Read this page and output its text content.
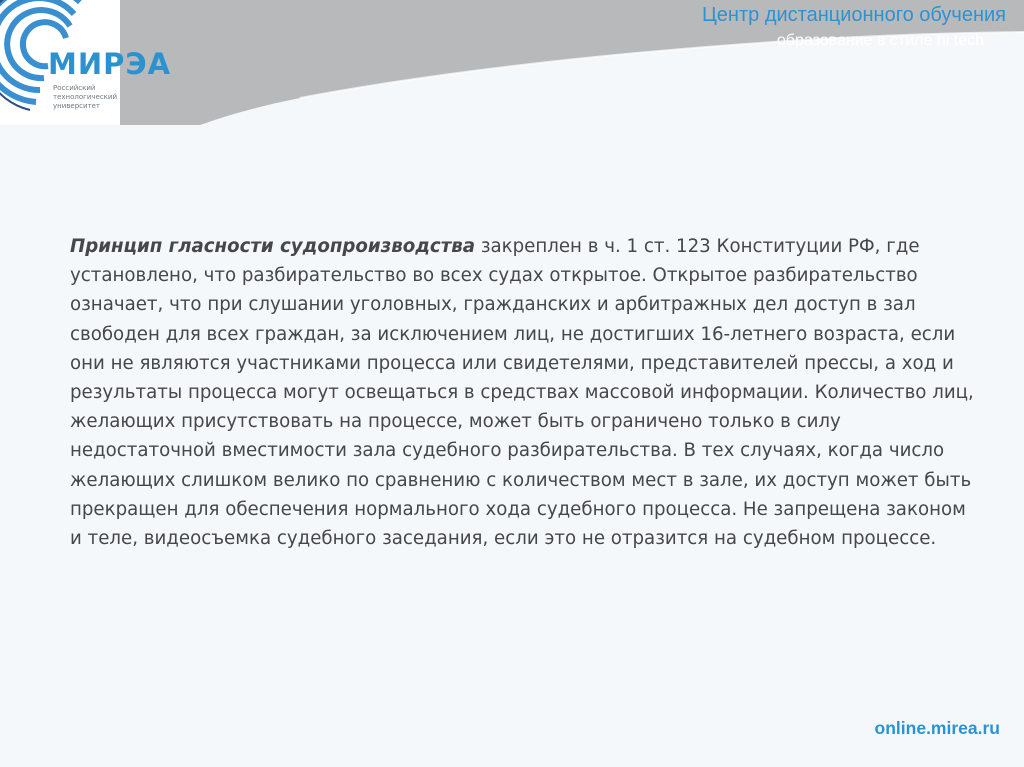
МИРЭА
Российский
технологический
университет
Центр дистанционного обучения
образование в стиле hi tech

Принцип гласности судопроизводства закреплен в ч. 1 ст. 123 Конституции РФ, где установлено, что разбирательство во всех судах открытое. Открытое разбирательство означает, что при слушании уголовных, гражданских и арбитражных дел доступ в зал свободен для всех граждан, за исключением лиц, не достигших 16-летнего возраста, если они не являются участниками процесса или свидетелями, представителей прессы, а ход и результаты процесса могут освещаться в средствах массовой информации. Количество лиц, желающих присутствовать на процессе, может быть ограничено только в силу недостаточной вместимости зала судебного разбирательства. В тех случаях, когда число желающих слишком велико по сравнению с количеством мест в зале, их доступ может быть прекращен для обеспечения нормального хода судебного процесса. Не запрещена законом и теле, видеосъемка судебного заседания, если это не отразится на судебном процессе.

online.mirea.ru
